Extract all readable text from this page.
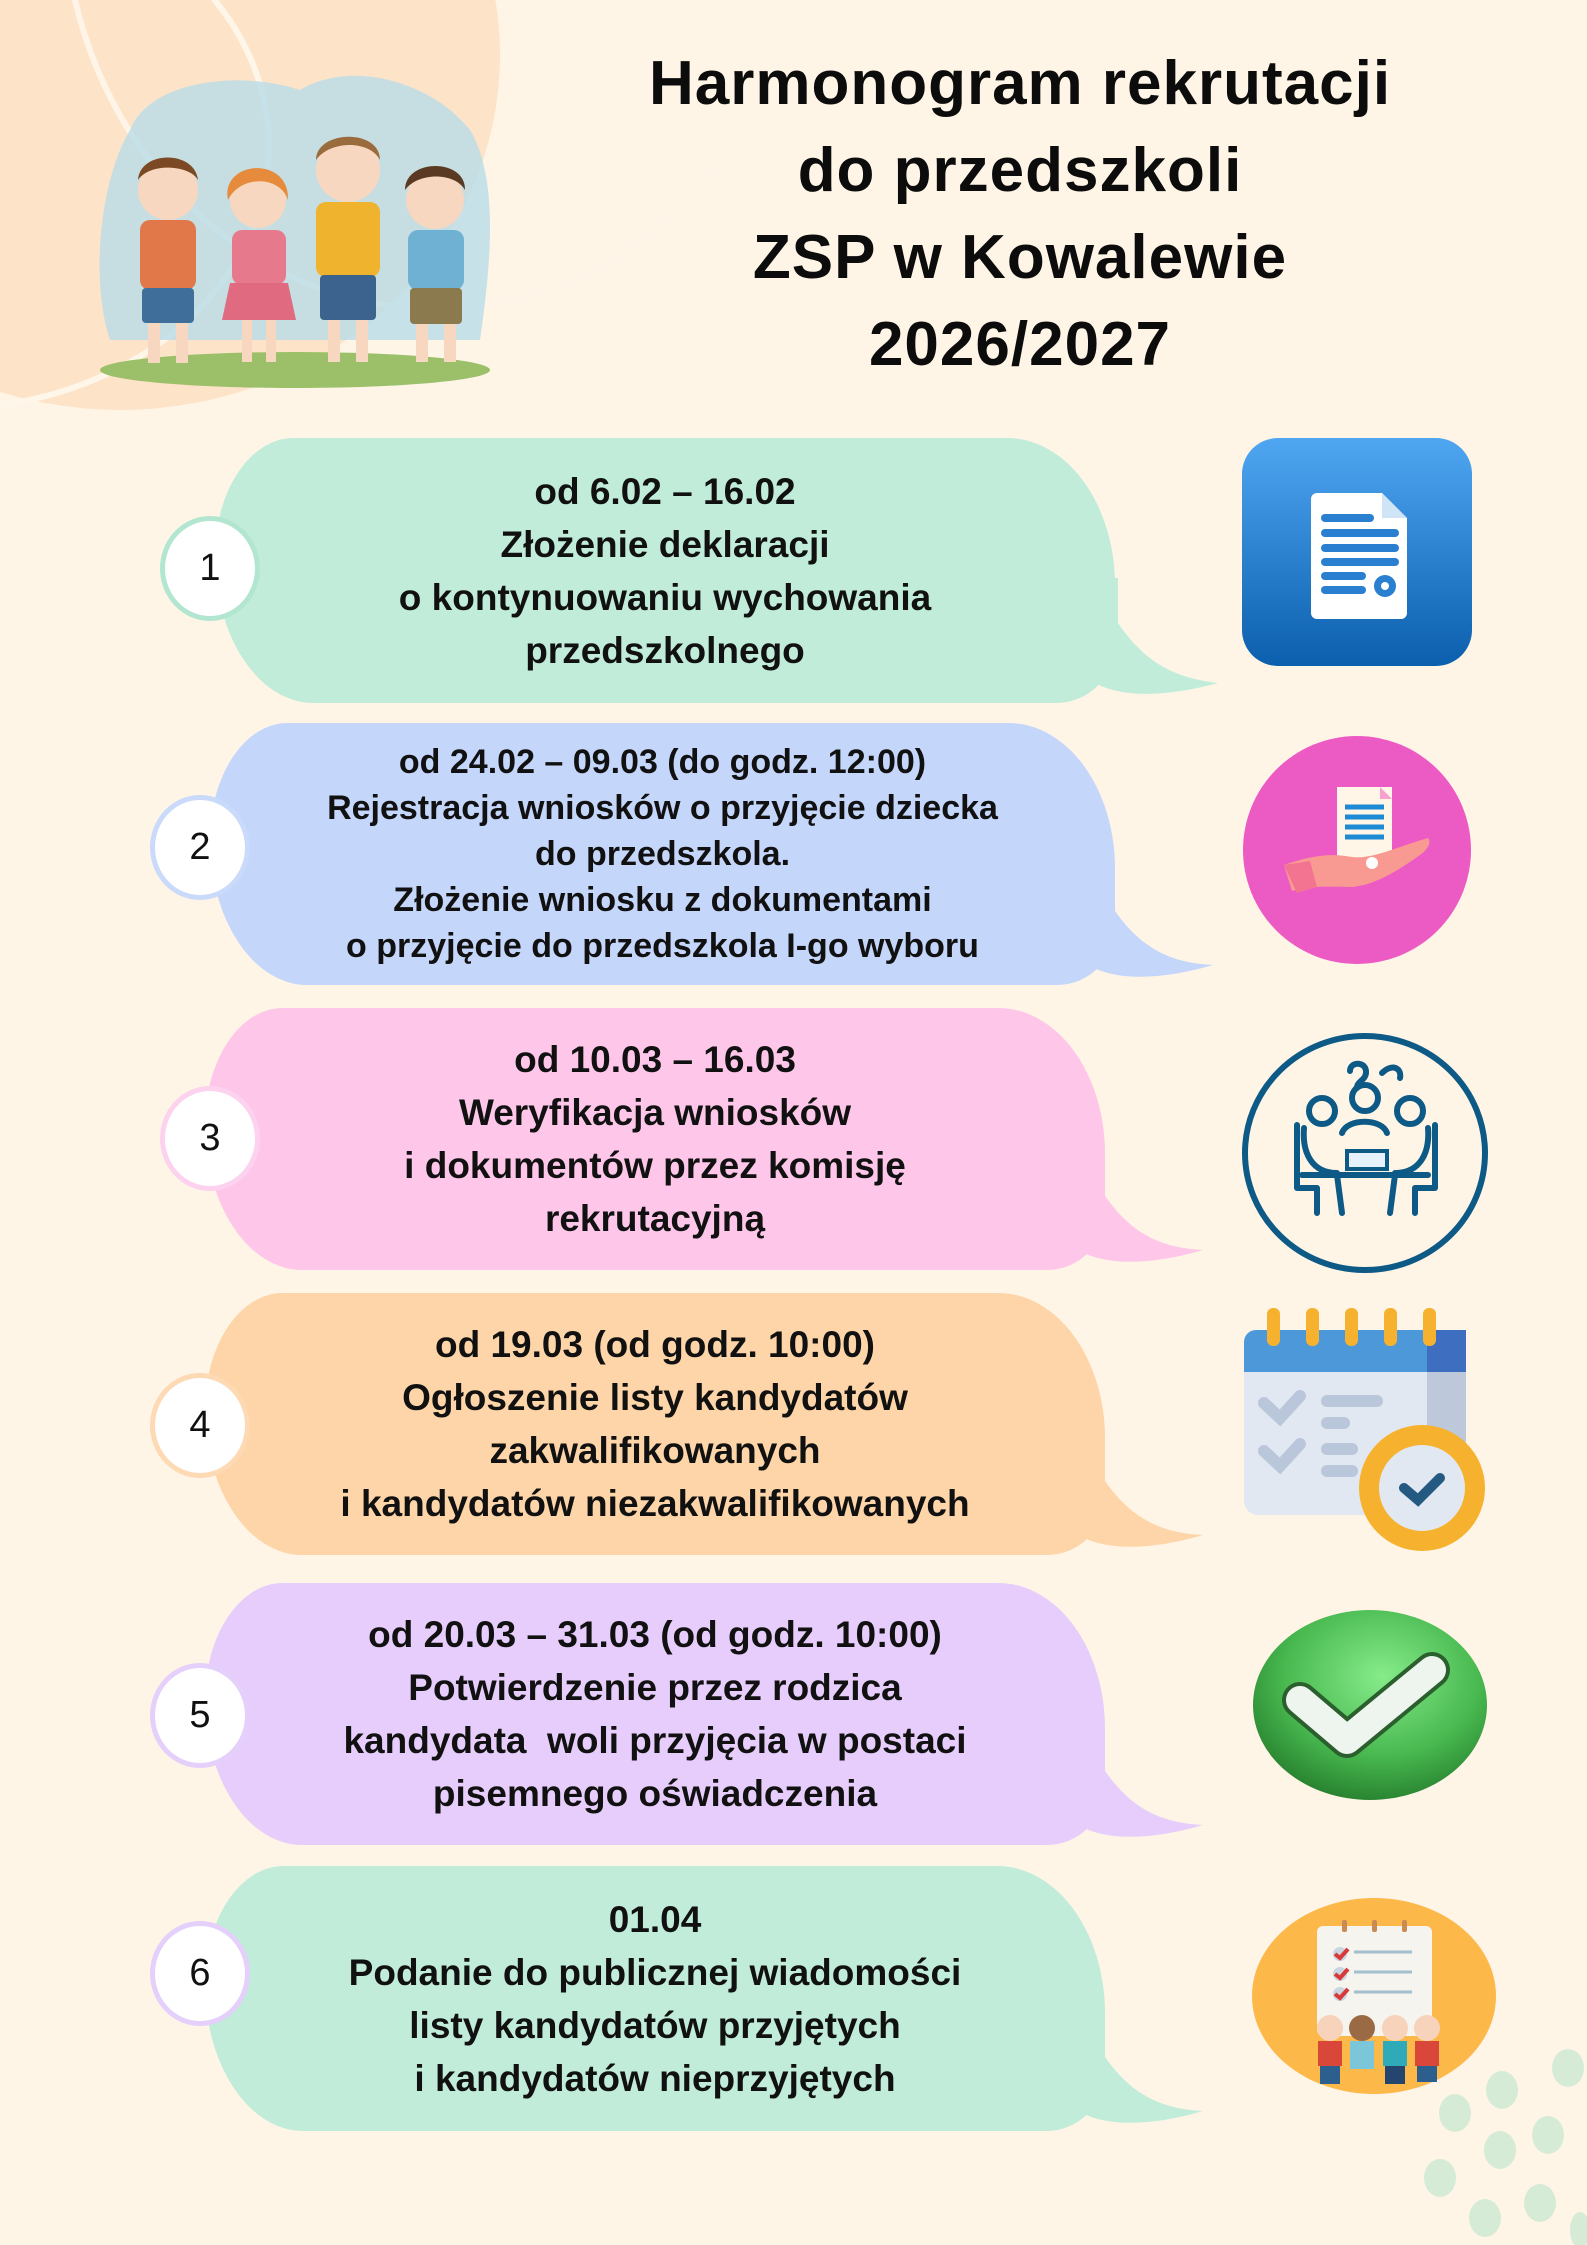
Harmonogram rekrutacji
do przedszkoli
ZSP w Kowalewie
2026/2027
od 6.02 – 16.02
Złożenie deklaracji
o kontynuowaniu wychowania
przedszkolnego
1
od 24.02 – 09.03 (do godz. 12:00)
Rejestracja wniosków o przyjęcie dziecka
do przedszkola.
Złożenie wniosku z dokumentami
o przyjęcie do przedszkola I-go wyboru
2
od 10.03 – 16.03
Weryfikacja wniosków
i dokumentów przez komisję
rekrutacyjną
3
od 19.03 (od godz. 10:00)
Ogłoszenie listy kandydatów
zakwalifikowanych
i kandydatów niezakwalifikowanych
4
od 20.03 – 31.03 (od godz. 10:00)
Potwierdzenie przez rodzica
kandydata  woli przyjęcia w postaci
pisemnego oświadczenia
5
01.04
Podanie do publicznej wiadomości
listy kandydatów przyjętych
i kandydatów nieprzyjętych
6
